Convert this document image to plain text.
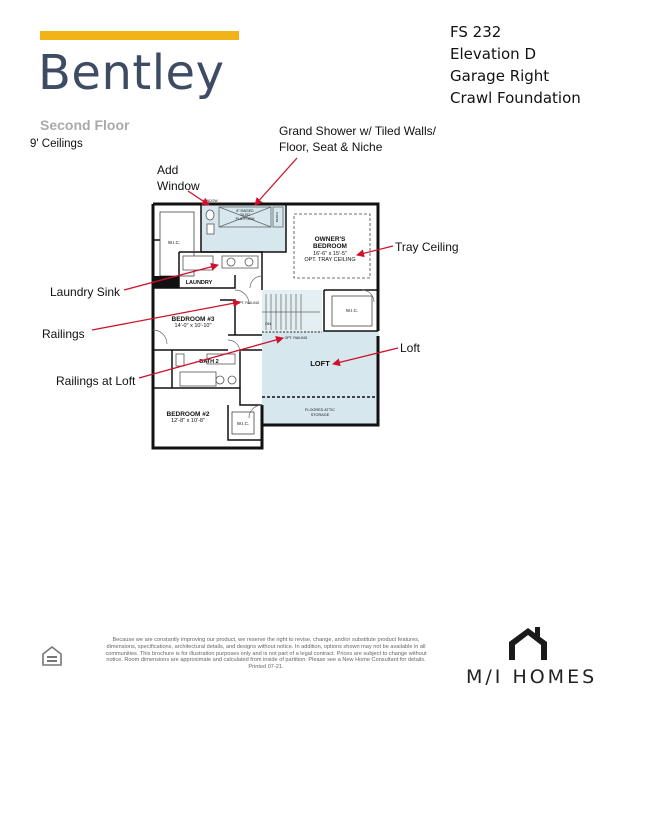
Bentley
FS 232
Elevation D
Garage Right
Crawl Foundation
Second Floor
9' Ceilings
Grand Shower w/ Tiled Walls/
Floor, Seat & Niche
Add
Window
Tray Ceiling
Laundry Sink
Railings
Loft
Railings at Loft
OWNER'S
BEDROOM
16'-6" x 15'-5"
OPT. TRAY CEILING
BEDROOM #3
14'-0" x 10'-10"
BEDROOM #2
12'-8" x 10'-8"
BATH 2	LOFT
LAUNDRY
W.I.C.
W.I.C.
W.I.C.
8" RAISED
TILED
PLATFORM
WINDOW
BENCH
OPT. RAILING
OPT. RAILING
DN
FLOORED ATTIC
STORAGE
Because we are constantly improving our product, we reserve the right to revise, change, and/or substitute product features, dimensions, specifications, architectural details, and designs without notice. In addition, options shown may not be available in all communities. This brochure is for illustration purposes only and is not part of a legal contract. Prices are subject to change without notice. Room dimensions are approximate and calculated from inside of partition. Please see a New Home Consultant for details. Printed 07-21.	M/I HOMES
